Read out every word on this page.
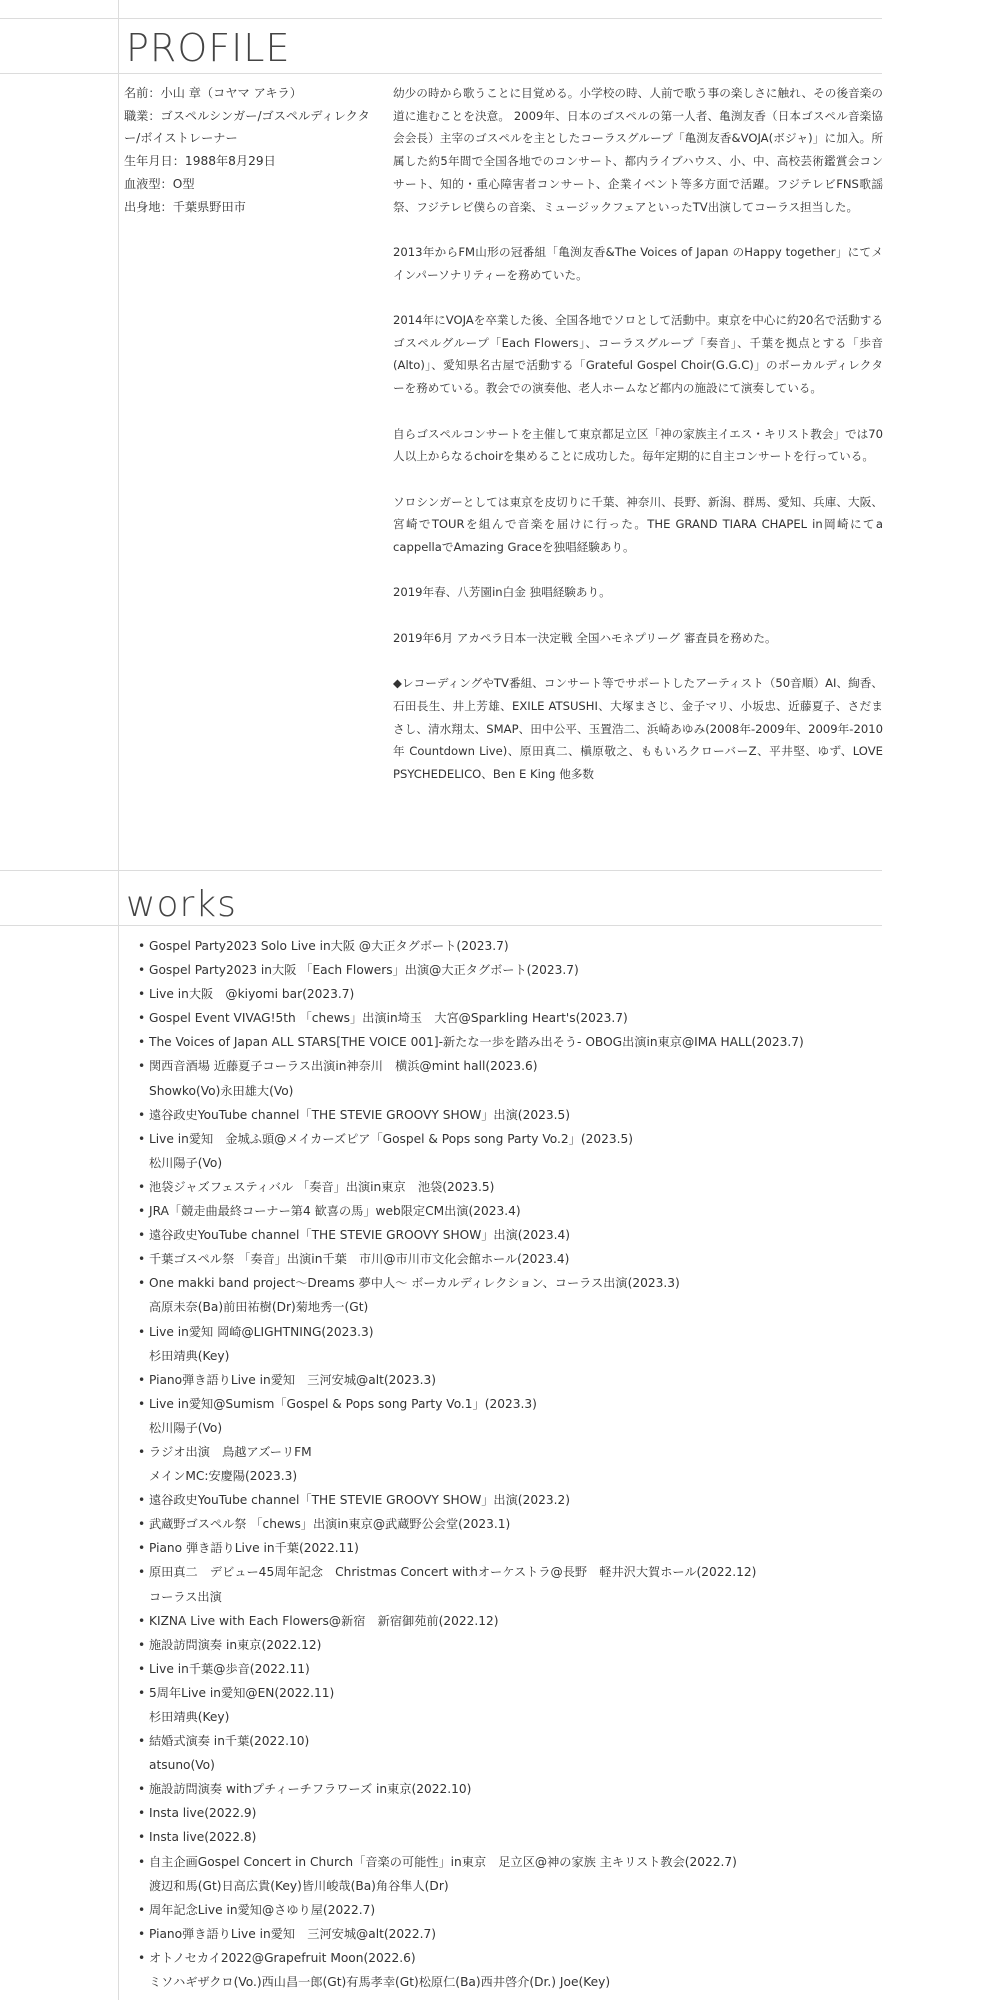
PROFILE
名前：小山 章（コヤマ アキラ）
職業：ゴスペルシンガー/ゴスペルディレクター/ボイストレーナー
生年月日：1988年8月29日
血液型：O型
出身地：千葉県野田市

幼少の時から歌うことに目覚める。小学校の時、人前で歌う事の楽しさに触れ、その後音楽の道に進むことを決意。 2009年、日本のゴスペルの第一人者、亀渕友香（日本ゴスペル音楽協会会長）主宰のゴスペルを主としたコーラスグループ「亀渕友香&VOJA(ボジャ)」に加入。所属した約5年間で全国各地でのコンサート、都内ライブハウス、小、中、高校芸術鑑賞会コンサート、知的・重心障害者コンサート、企業イベント等多方面で活躍。フジテレビFNS歌謡祭、フジテレビ僕らの音楽、ミュージックフェアといったTV出演してコーラス担当した。

2013年からFM山形の冠番組「亀渕友香&The Voices of Japan のHappy together」にてメインパーソナリティーを務めていた。

2014年にVOJAを卒業した後、全国各地でソロとして活動中。東京を中心に約20名で活動するゴスペルグループ「Each Flowers」、コーラスグループ「奏音」、千葉を拠点とする「歩音(Alto)」、愛知県名古屋で活動する「Grateful Gospel Choir(G.G.C)」のボーカルディレクターを務めている。教会での演奏他、老人ホームなど都内の施設にて演奏している。

自らゴスペルコンサートを主催して東京都足立区「神の家族主イエス・キリスト教会」では70人以上からなるchoirを集めることに成功した。毎年定期的に自主コンサートを行っている。

ソロシンガーとしては東京を皮切りに千葉、神奈川、長野、新潟、群馬、愛知、兵庫、大阪、宮崎でTOURを組んで音楽を届けに行った。THE GRAND TIARA CHAPEL in岡崎にてa cappellaでAmazing Graceを独唱経験あり。

2019年春、八芳園in白金 独唱経験あり。

2019年6月 アカペラ日本一決定戦 全国ハモネプリーグ 審査員を務めた。

◆レコーディングやTV番組、コンサート等でサポートしたアーティスト（50音順）AI、絢香、石田長生、井上芳雄、EXILE ATSUSHI、大塚まさじ、金子マリ、小坂忠、近藤夏子、さだまさし、清水翔太、SMAP、田中公平、玉置浩二、浜崎あゆみ(2008年-2009年、2009年-2010年 Countdown Live)、原田真二、槇原敬之、ももいろクローバーZ、平井堅、ゆず、LOVE PSYCHEDELICO、Ben E King 他多数

works
• Gospel Party2023 Solo Live in大阪 @大正タグボート(2023.7)
• Gospel Party2023 in大阪 「Each Flowers」出演@大正タグボート(2023.7)
• Live in大阪　@kiyomi bar(2023.7)
• Gospel Event VIVAG!5th 「chews」出演in埼玉　大宮@Sparkling Heart's(2023.7)
• The Voices of Japan ALL STARS[THE VOICE 001]-新たな一歩を踏み出そう- OBOG出演in東京@IMA HALL(2023.7)
• 関西音酒場 近藤夏子コーラス出演in神奈川　横浜@mint hall(2023.6)
Showko(Vo)永田雄大(Vo)
• 遠谷政史YouTube channel「THE STEVIE GROOVY SHOW」出演(2023.5)
• Live in愛知　金城ふ頭@メイカーズピア「Gospel & Pops song Party Vo.2」(2023.5)
松川陽子(Vo)
• 池袋ジャズフェスティバル 「奏音」出演in東京　池袋(2023.5)
• JRA「競走曲最終コーナー第4 歓喜の馬」web限定CM出演(2023.4)
• 遠谷政史YouTube channel「THE STEVIE GROOVY SHOW」出演(2023.4)
• 千葉ゴスペル祭 「奏音」出演in千葉　市川@市川市文化会館ホール(2023.4)
• One makki band project～Dreams 夢中人～ ボーカルディレクション、コーラス出演(2023.3)
高原未奈(Ba)前田祐樹(Dr)菊地秀一(Gt)
• Live in愛知 岡崎@LIGHTNING(2023.3)
杉田靖典(Key)
• Piano弾き語りLive in愛知　三河安城@alt(2023.3)
• Live in愛知@Sumism「Gospel & Pops song Party Vo.1」(2023.3)
松川陽子(Vo)
• ラジオ出演　鳥越アズーリFM
メインMC:安慶陽(2023.3)
• 遠谷政史YouTube channel「THE STEVIE GROOVY SHOW」出演(2023.2)
• 武蔵野ゴスペル祭 「chews」出演in東京@武蔵野公会堂(2023.1)
• Piano 弾き語りLive in千葉(2022.11)
• 原田真二　デビュー45周年記念　Christmas Concert withオーケストラ@長野　軽井沢大賀ホール(2022.12)
コーラス出演
• KIZNA Live with Each Flowers@新宿　新宿御苑前(2022.12)
• 施設訪問演奏 in東京(2022.12)
• Live in千葉@歩音(2022.11)
• 5周年Live in愛知@EN(2022.11)
杉田靖典(Key)
• 結婚式演奏 in千葉(2022.10)
atsuno(Vo)
• 施設訪問演奏 withプチィーチフラワーズ in東京(2022.10)
• Insta live(2022.9)
• Insta live(2022.8)
• 自主企画Gospel Concert in Church「音楽の可能性」in東京　足立区@神の家族 主キリスト教会(2022.7)
渡辺和馬(Gt)日高広貴(Key)皆川峻哉(Ba)角谷隼人(Dr)
• 周年記念Live in愛知@さゆり屋(2022.7)
• Piano弾き語りLive in愛知　三河安城@alt(2022.7)
• オトノセカイ2022@Grapefruit Moon(2022.6)
ミソハギザクロ(Vo.)西山昌一郎(Gt)有馬孝幸(Gt)松原仁(Ba)西井啓介(Dr.) Joe(Key)
